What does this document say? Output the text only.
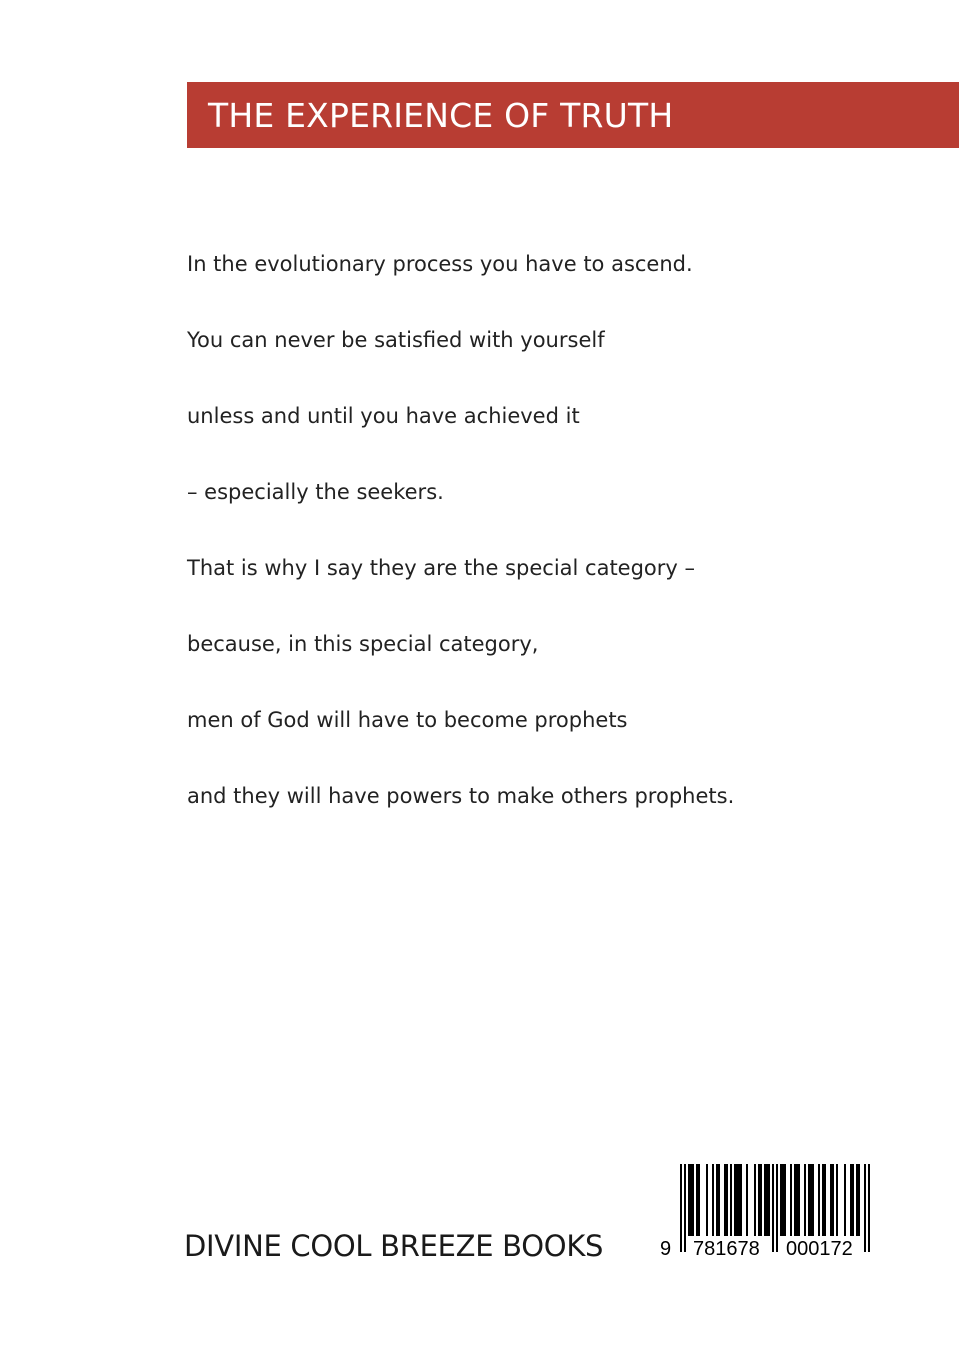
THE EXPERIENCE OF TRUTH
In the evolutionary process you have to ascend.
You can never be satisfied with yourself
unless and until you have achieved it
– especially the seekers.
That is why I say they are the special category –
because, in this special category,
men of God will have to become prophets
and they will have powers to make others prophets.
DIVINE COOL BREEZE BOOKS	9 781678 000172
